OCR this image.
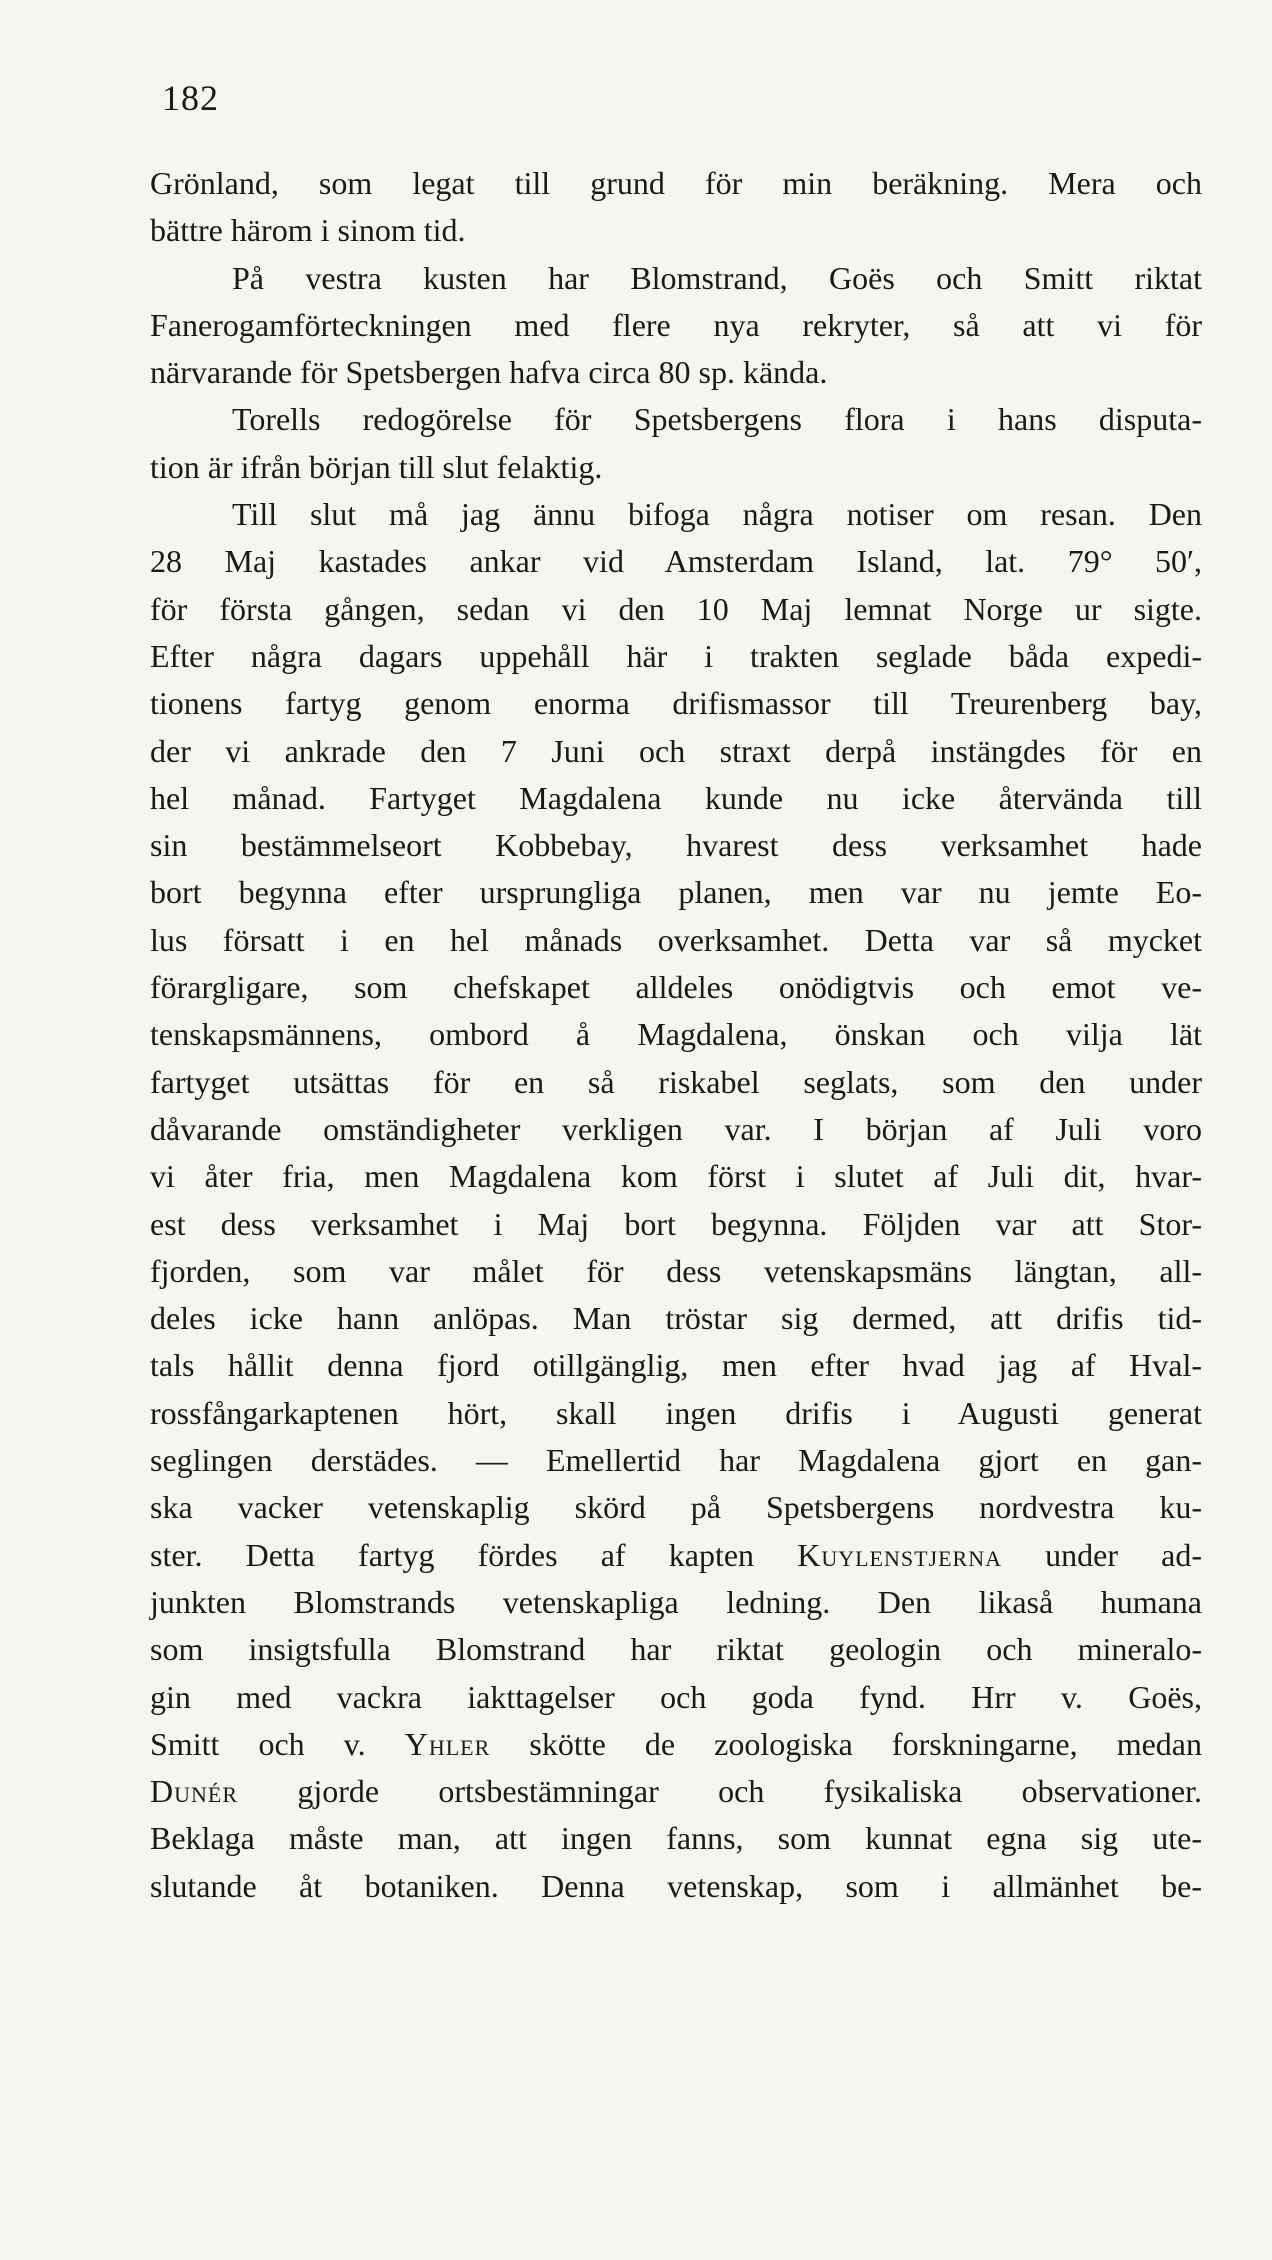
182
Grönland, som legat till grund för min beräkning. Mera och
bättre härom i sinom tid.
På vestra kusten har Blomstrand, Goës och Smitt riktat
Fanerogamförteckningen med flere nya rekryter, så att vi för
närvarande för Spetsbergen hafva circa 80 sp. kända.
Torells redogörelse för Spetsbergens flora i hans disputa-
tion är ifrån början till slut felaktig.
Till slut må jag ännu bifoga några notiser om resan. Den
28 Maj kastades ankar vid Amsterdam Island, lat. 79° 50′,
för första gången, sedan vi den 10 Maj lemnat Norge ur sigte.
Efter några dagars uppehåll här i trakten seglade båda expedi-
tionens fartyg genom enorma drifismassor till Treurenberg bay,
der vi ankrade den 7 Juni och straxt derpå instängdes för en
hel månad. Fartyget Magdalena kunde nu icke återvända till
sin bestämmelseort Kobbebay, hvarest dess verksamhet hade
bort begynna efter ursprungliga planen, men var nu jemte Eo-
lus försatt i en hel månads overksamhet. Detta var så mycket
förargligare, som chefskapet alldeles onödigtvis och emot ve-
tenskapsmännens, ombord å Magdalena, önskan och vilja lät
fartyget utsättas för en så riskabel seglats, som den under
dåvarande omständigheter verkligen var. I början af Juli voro
vi åter fria, men Magdalena kom först i slutet af Juli dit, hvar-
est dess verksamhet i Maj bort begynna. Följden var att Stor-
fjorden, som var målet för dess vetenskapsmäns längtan, all-
deles icke hann anlöpas. Man tröstar sig dermed, att drifis tid-
tals hållit denna fjord otillgänglig, men efter hvad jag af Hval-
rossfångarkaptenen hört, skall ingen drifis i Augusti generat
seglingen derstädes. — Emellertid har Magdalena gjort en gan-
ska vacker vetenskaplig skörd på Spetsbergens nordvestra ku-
ster. Detta fartyg fördes af kapten Kuylenstjerna under ad-
junkten Blomstrands vetenskapliga ledning. Den likaså humana
som insigtsfulla Blomstrand har riktat geologin och mineralo-
gin med vackra iakttagelser och goda fynd. Hrr v. Goës,
Smitt och v. Yhler skötte de zoologiska forskningarne, medan
Dunér gjorde ortsbestämningar och fysikaliska observationer.
Beklaga måste man, att ingen fanns, som kunnat egna sig ute-
slutande åt botaniken. Denna vetenskap, som i allmänhet be-
